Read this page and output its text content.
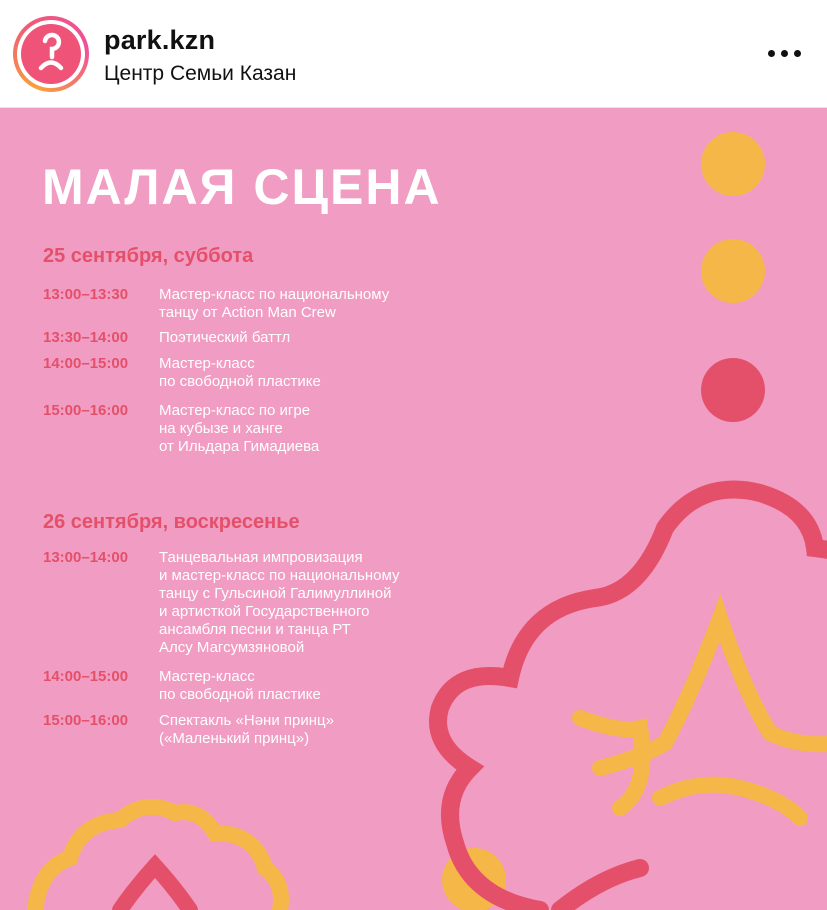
park.kzn
Центр Семьи Казан
МАЛАЯ СЦЕНА
25 сентября, суббота
13:00–13:30	Мастер-класс по национальному
танцу от Action Man Crew
13:30–14:00	Поэтический баттл
14:00–15:00	Мастер-класс
по свободной пластике
15:00–16:00	Мастер-класс по игре
на кубызе и ханге
от Ильдара Гимадиева
26 сентября, воскресенье
13:00–14:00	Танцевальная импровизация
и мастер-класс по национальному
танцу с Гульсиной Галимуллиной
и артисткой Государственного
ансамбля песни и танца РТ
Алсу Магсумзяновой
14:00–15:00	Мастер-класс
по свободной пластике
15:00–16:00	Спектакль «Нәни принц»
(«Маленький принц»)
